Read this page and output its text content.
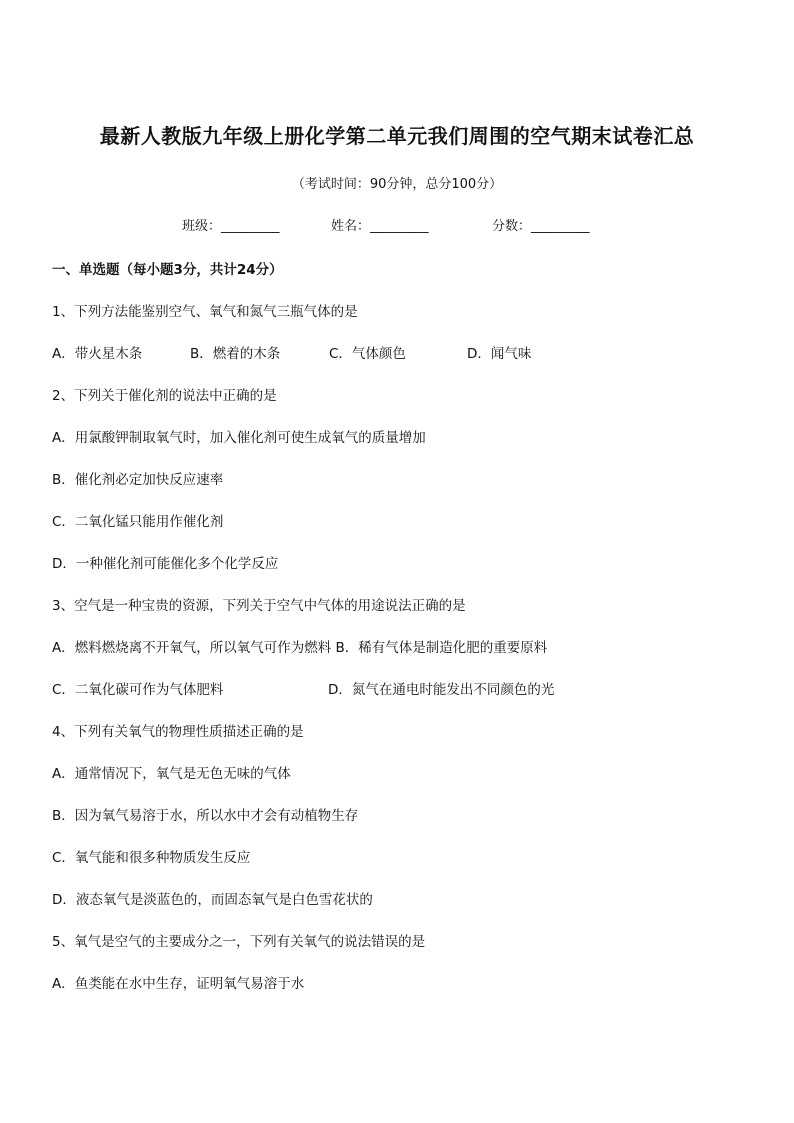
最新人教版九年级上册化学第二单元我们周围的空气期末试卷汇总
（考试时间：90分钟，总分100分）
班级：_________	姓名：_________	分数：_________
一、单选题（每小题3分，共计24分）
1、下列方法能鉴别空气、氧气和氮气三瓶气体的是
A．带火星木条	B．燃着的木条	C．气体颜色	D．闻气味
2、下列关于催化剂的说法中正确的是
A．用氯酸钾制取氧气时，加入催化剂可使生成氧气的质量增加
B．催化剂必定加快反应速率
C．二氧化锰只能用作催化剂
D．一种催化剂可能催化多个化学反应
3、空气是一种宝贵的资源，下列关于空气中气体的用途说法正确的是
A．燃料燃烧离不开氧气，所以氧气可作为燃料 B．稀有气体是制造化肥的重要原料
C．二氧化碳可作为气体肥料	D．氮气在通电时能发出不同颜色的光
4、下列有关氧气的物理性质描述正确的是
A．通常情况下，氧气是无色无味的气体
B．因为氧气易溶于水，所以水中才会有动植物生存
C．氧气能和很多种物质发生反应
D．液态氧气是淡蓝色的，而固态氧气是白色雪花状的
5、氧气是空气的主要成分之一，下列有关氧气的说法错误的是
A．鱼类能在水中生存，证明氧气易溶于水
